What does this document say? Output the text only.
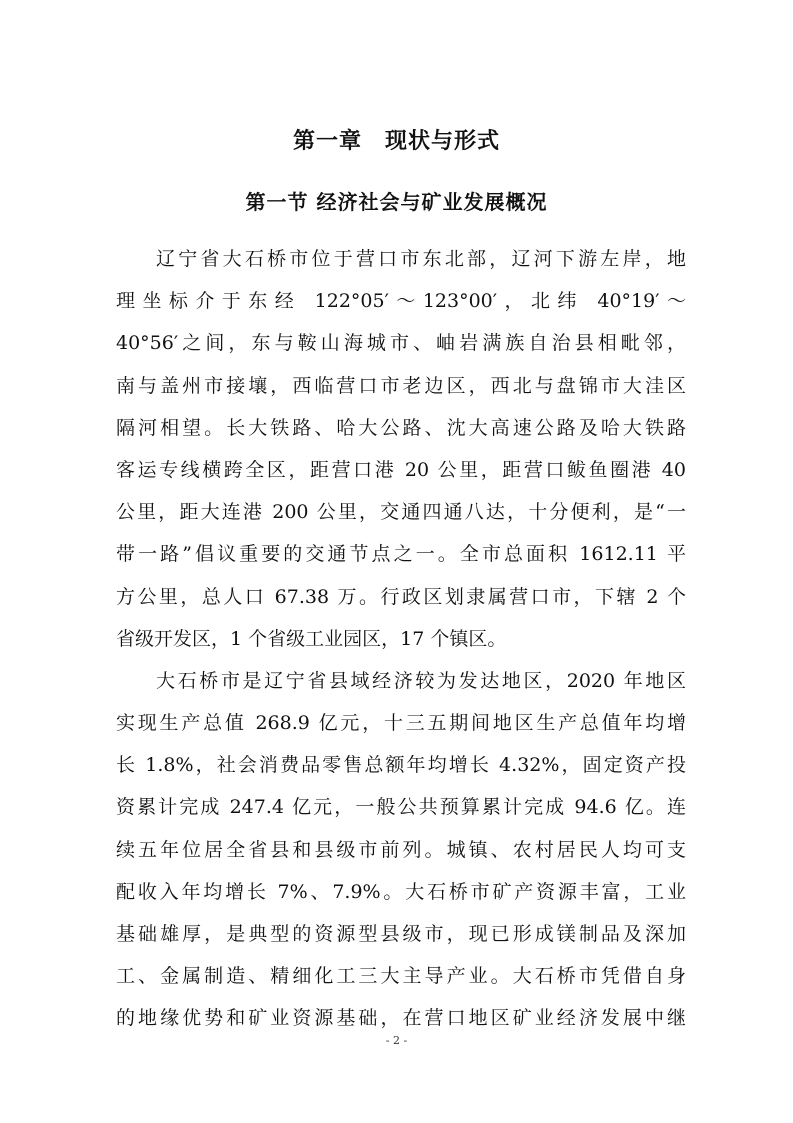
第一章　现状与形式
第一节 经济社会与矿业发展概况
辽宁省大石桥市位于营口市东北部，辽河下游左岸，地
理坐标介于东经 122°05′～123°00′，北纬 40°19′～
40°56′之间，东与鞍山海城市、岫岩满族自治县相毗邻，
南与盖州市接壤，西临营口市老边区，西北与盘锦市大洼区
隔河相望。长大铁路、哈大公路、沈大高速公路及哈大铁路
客运专线横跨全区，距营口港 20 公里，距营口鲅鱼圈港 40
公里，距大连港 200 公里，交通四通八达，十分便利，是“一
带一路”倡议重要的交通节点之一。全市总面积 1612.11 平
方公里，总人口 67.38 万。行政区划隶属营口市，下辖 2 个
省级开发区，1 个省级工业园区，17 个镇区。
大石桥市是辽宁省县域经济较为发达地区，2020 年地区
实现生产总值 268.9 亿元，十三五期间地区生产总值年均增
长 1.8%，社会消费品零售总额年均增长 4.32%，固定资产投
资累计完成 247.4 亿元，一般公共预算累计完成 94.6 亿。连
续五年位居全省县和县级市前列。城镇、农村居民人均可支
配收入年均增长 7%、7.9%。大石桥市矿产资源丰富，工业
基础雄厚，是典型的资源型县级市，现已形成镁制品及深加
工、金属制造、精细化工三大主导产业。大石桥市凭借自身
的地缘优势和矿业资源基础，在营口地区矿业经济发展中继
- 2 -
